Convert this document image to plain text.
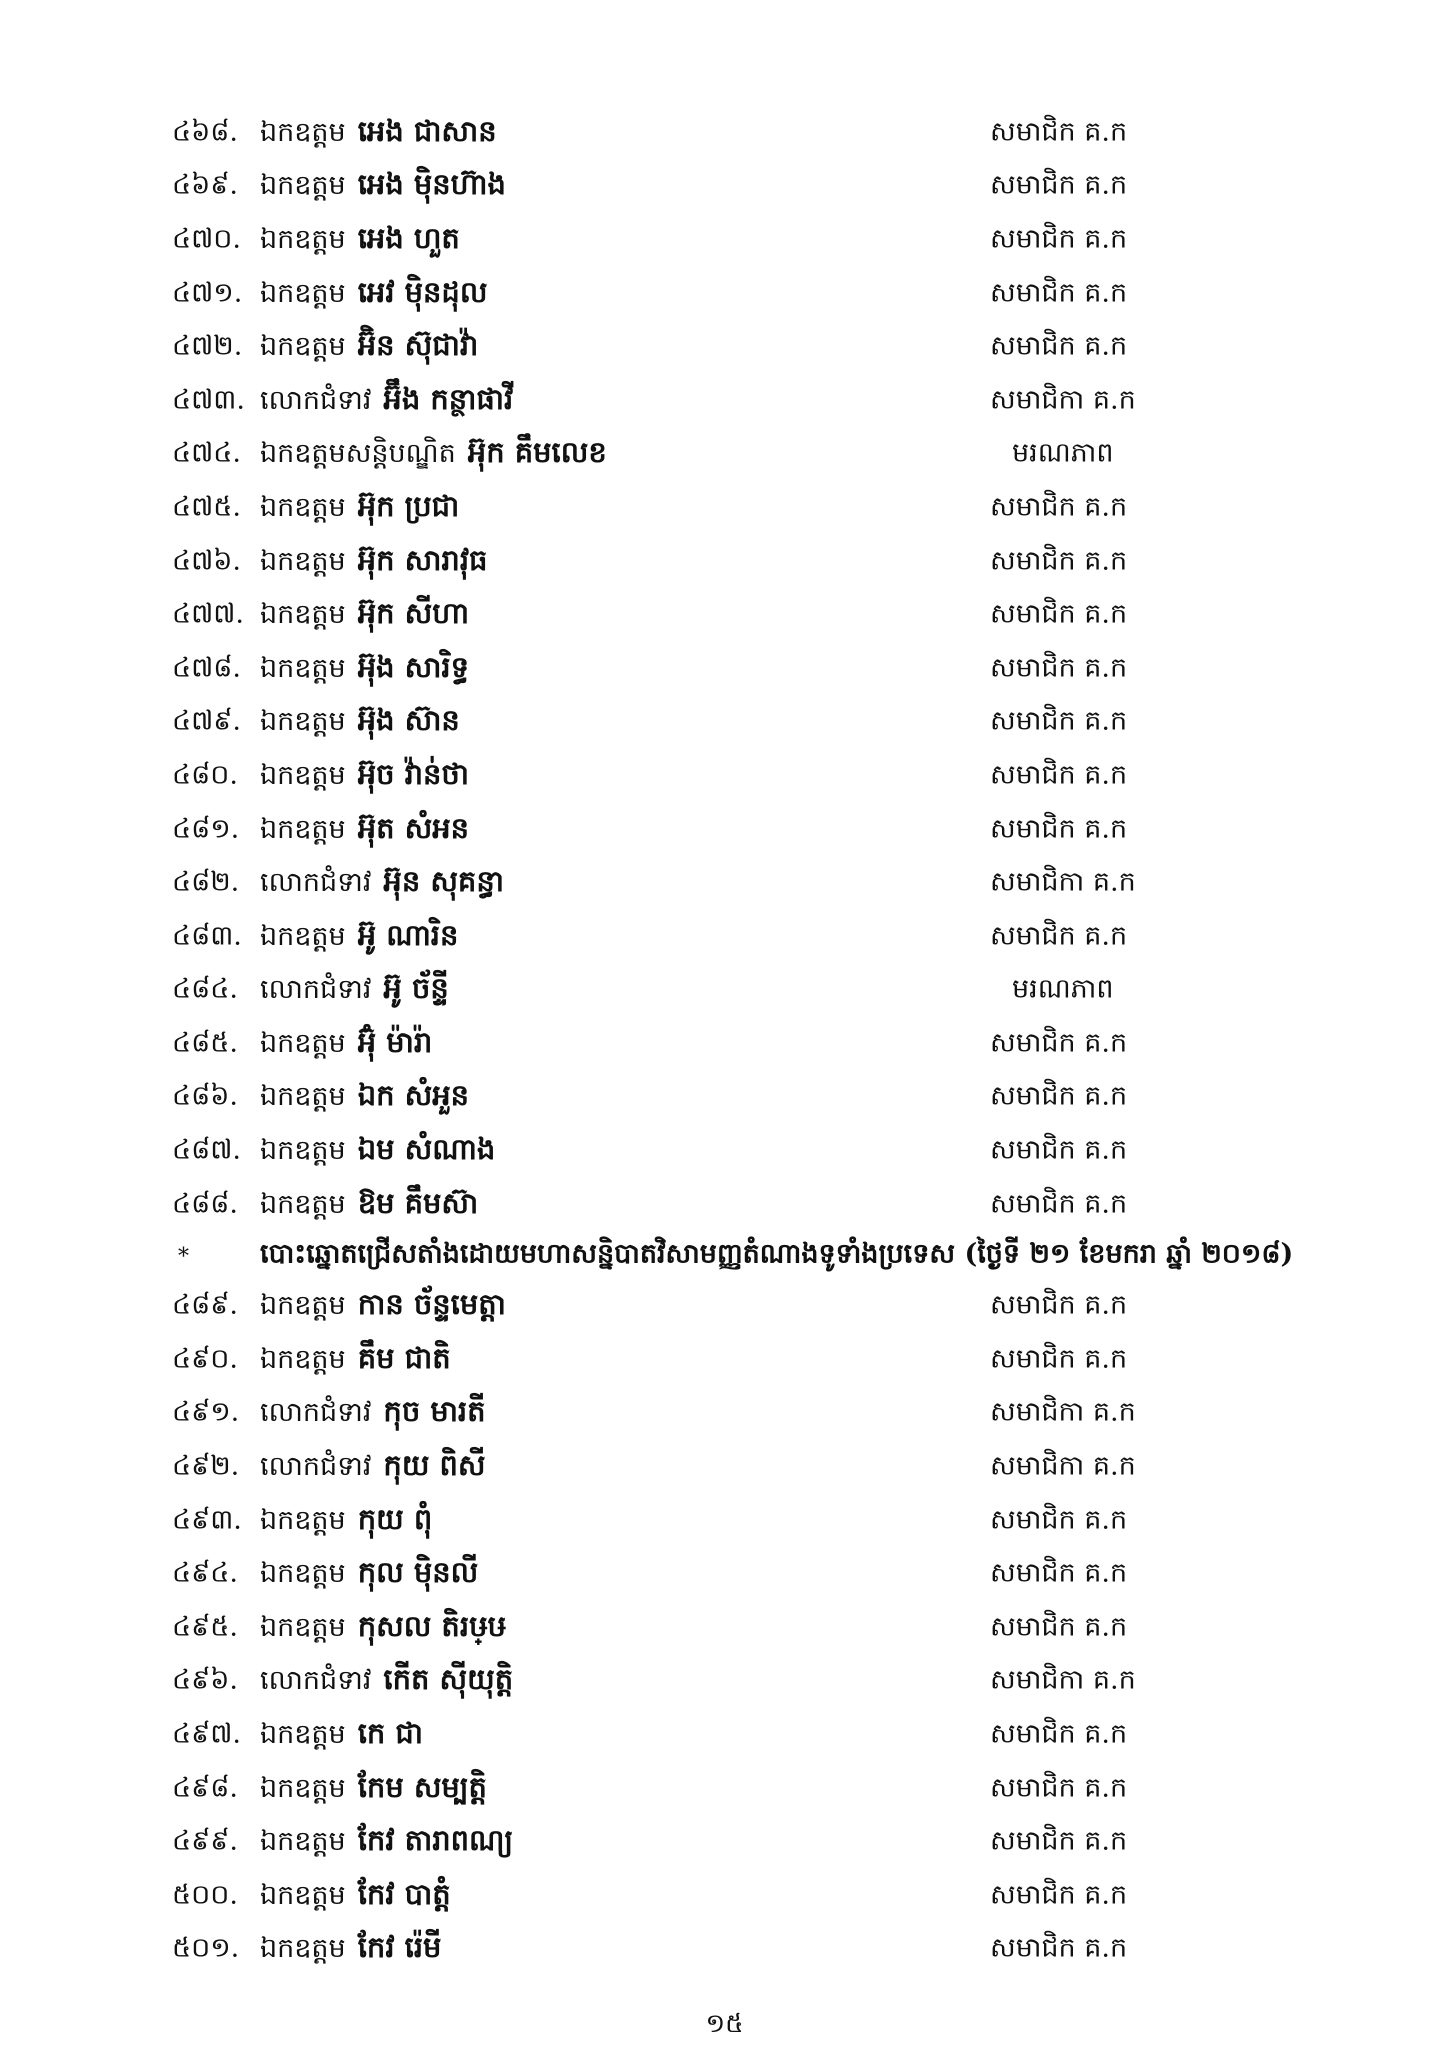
៤៦៨. ឯកឧត្តម អេង ជាសាន	សមាជិក គ.ក
៤៦៩. ឯកឧត្តម អេង ម៉ិនហ៊ាង	សមាជិក គ.ក
៤៧០. ឯកឧត្តម អេង ហួត	សមាជិក គ.ក
៤៧១. ឯកឧត្តម អេវ ម៉ិនដុល	សមាជិក គ.ក
៤៧២. ឯកឧត្តម អ៊ិន ស៊ុជាវ៉ា	សមាជិក គ.ក
៤៧៣. លោកជំទាវ អ៊ឹង កន្ថាផាវី	សមាជិកា គ.ក
៤៧៤. ឯកឧត្តមសន្តិបណ្ឌិត អ៊ុក គឹមលេខ	មរណភាព
៤៧៥. ឯកឧត្តម អ៊ុក ប្រជា	សមាជិក គ.ក
៤៧៦. ឯកឧត្តម អ៊ុក សារាវុធ	សមាជិក គ.ក
៤៧៧. ឯកឧត្តម អ៊ុក សីហា	សមាជិក គ.ក
៤៧៨. ឯកឧត្តម អ៊ុង សារិទ្ធ	សមាជិក គ.ក
៤៧៩. ឯកឧត្តម អ៊ុង ស៊ាន	សមាជិក គ.ក
៤៨០. ឯកឧត្តម អ៊ុច វ៉ាន់ថា	សមាជិក គ.ក
៤៨១. ឯកឧត្តម អ៊ុត សំអន	សមាជិក គ.ក
៤៨២. លោកជំទាវ អ៊ុន សុគន្ធា	សមាជិកា គ.ក
៤៨៣. ឯកឧត្តម អ៊ូ ណារិន	សមាជិក គ.ក
៤៨៤. លោកជំទាវ អ៊ូ ច័ន្ទី	មរណភាព
៤៨៥. ឯកឧត្តម អ៊ុំ ម៉ារ៉ា	សមាជិក គ.ក
៤៨៦. ឯកឧត្តម ឯក សំអួន	សមាជិក គ.ក
៤៨៧. ឯកឧត្តម ឯម សំណាង	សមាជិក គ.ក
៤៨៨. ឯកឧត្តម ឱម គឹមស៊ា	សមាជិក គ.ក
*	បោះឆ្នោតជ្រើសតាំងដោយមហាសន្និបាតវិសាមញ្ញតំណាងទូទាំងប្រទេស (ថ្ងៃទី ២១ ខែមករា ឆ្នាំ ២០១៨)
៤៨៩. ឯកឧត្តម កាន ច័ន្ទមេត្តា	សមាជិក គ.ក
៤៩០. ឯកឧត្តម គឹម ជាតិ	សមាជិក គ.ក
៤៩១. លោកជំទាវ កុច មារតី	សមាជិកា គ.ក
៤៩២. លោកជំទាវ កុយ ពិសី	សមាជិកា គ.ក
៤៩៣. ឯកឧត្តម កុយ ពុំ	សមាជិក គ.ក
៤៩៤. ឯកឧត្តម កុល ម៉ិនលី	សមាជិក គ.ក
៤៩៥. ឯកឧត្តម កុសល តិរឞ្ឞ	សមាជិក គ.ក
៤៩៦. លោកជំទាវ កើត ស៊ីយុត្តិ	សមាជិកា គ.ក
៤៩៧. ឯកឧត្តម កេ ជា	សមាជិក គ.ក
៤៩៨. ឯកឧត្តម កែម សម្បត្តិ	សមាជិក គ.ក
៤៩៩. ឯកឧត្តម កែវ តារាពណ្យ	សមាជិក គ.ក
៥០០. ឯកឧត្តម កែវ បាត្តំ	សមាជិក គ.ក
៥០១. ឯកឧត្តម កែវ រ៉េមី	សមាជិក គ.ក
១៥
